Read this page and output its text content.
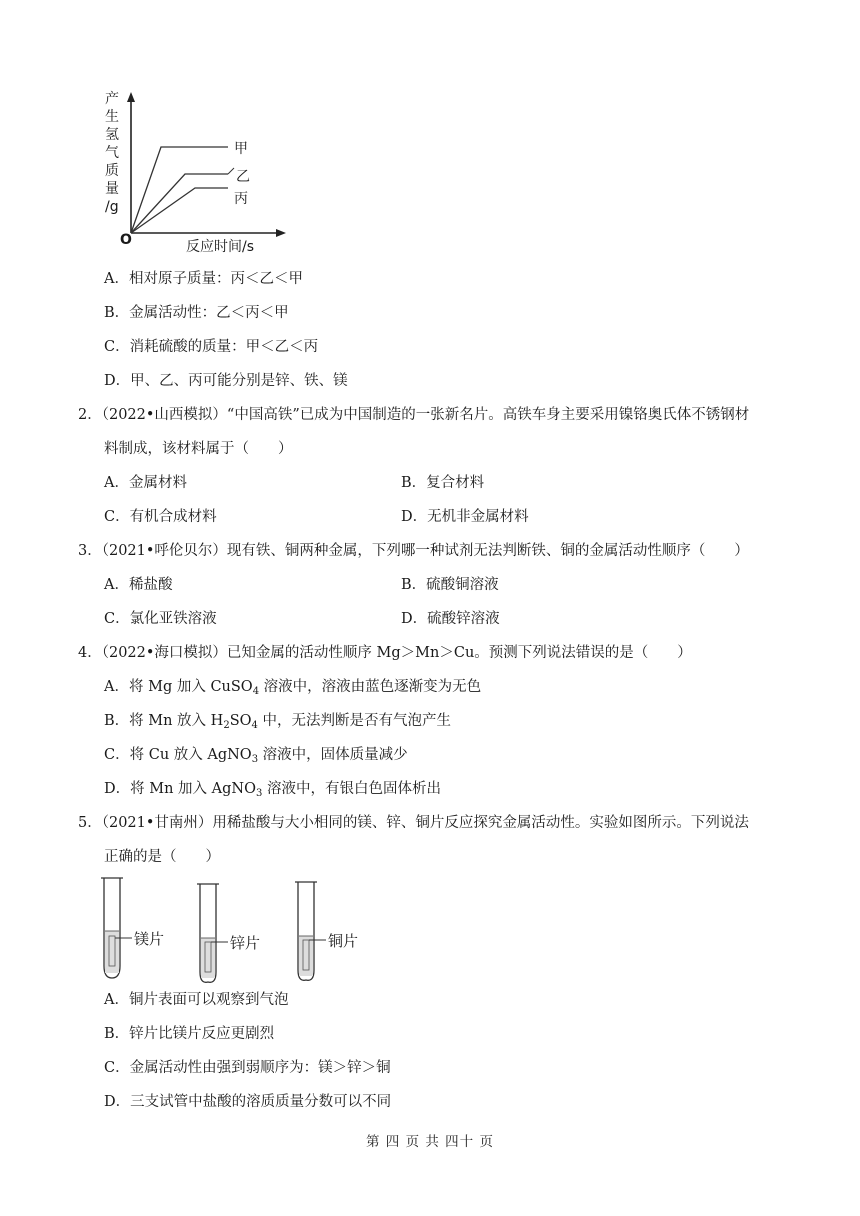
产
生
氢
气
质
量
/g
O	反应时间/s
甲
乙
丙
A．相对原子质量：丙＜乙＜甲
B．金属活动性：乙＜丙＜甲
C．消耗硫酸的质量：甲＜乙＜丙
D．甲、乙、丙可能分别是锌、铁、镁
2．（2022•山西模拟）“中国高铁”已成为中国制造的一张新名片。高铁车身主要采用镍铬奥氏体不锈钢材
料制成，该材料属于（　　）
A．金属材料	B．复合材料
C．有机合成材料	D．无机非金属材料
3．（2021•呼伦贝尔）现有铁、铜两种金属，下列哪一种试剂无法判断铁、铜的金属活动性顺序（　　）
A．稀盐酸	B．硫酸铜溶液
C．氯化亚铁溶液	D．硫酸锌溶液
4．（2022•海口模拟）已知金属的活动性顺序 Mg＞Mn＞Cu。预测下列说法错误的是（　　）
A．将 Mg 加入 CuSO$_4$ 溶液中，溶液由蓝色逐渐变为无色
B．将 Mn 放入 $H_2SO_4$ 中，无法判断是否有气泡产生
C．将 Cu 放入 AgNO$_3$ 溶液中，固体质量减少
D．将 Mn 加入 AgNO$_3$ 溶液中，有银白色固体析出
5．（2021•甘南州）用稀盐酸与大小相同的镁、锌、铜片反应探究金属活动性。实验如图所示。下列说法
正确的是（　　）
镁片	锌片	铜片
A．铜片表面可以观察到气泡
B．锌片比镁片反应更剧烈
C．金属活动性由强到弱顺序为：镁＞锌＞铜
D．三支试管中盐酸的溶质质量分数可以不同
第 四 页 共 四十 页
